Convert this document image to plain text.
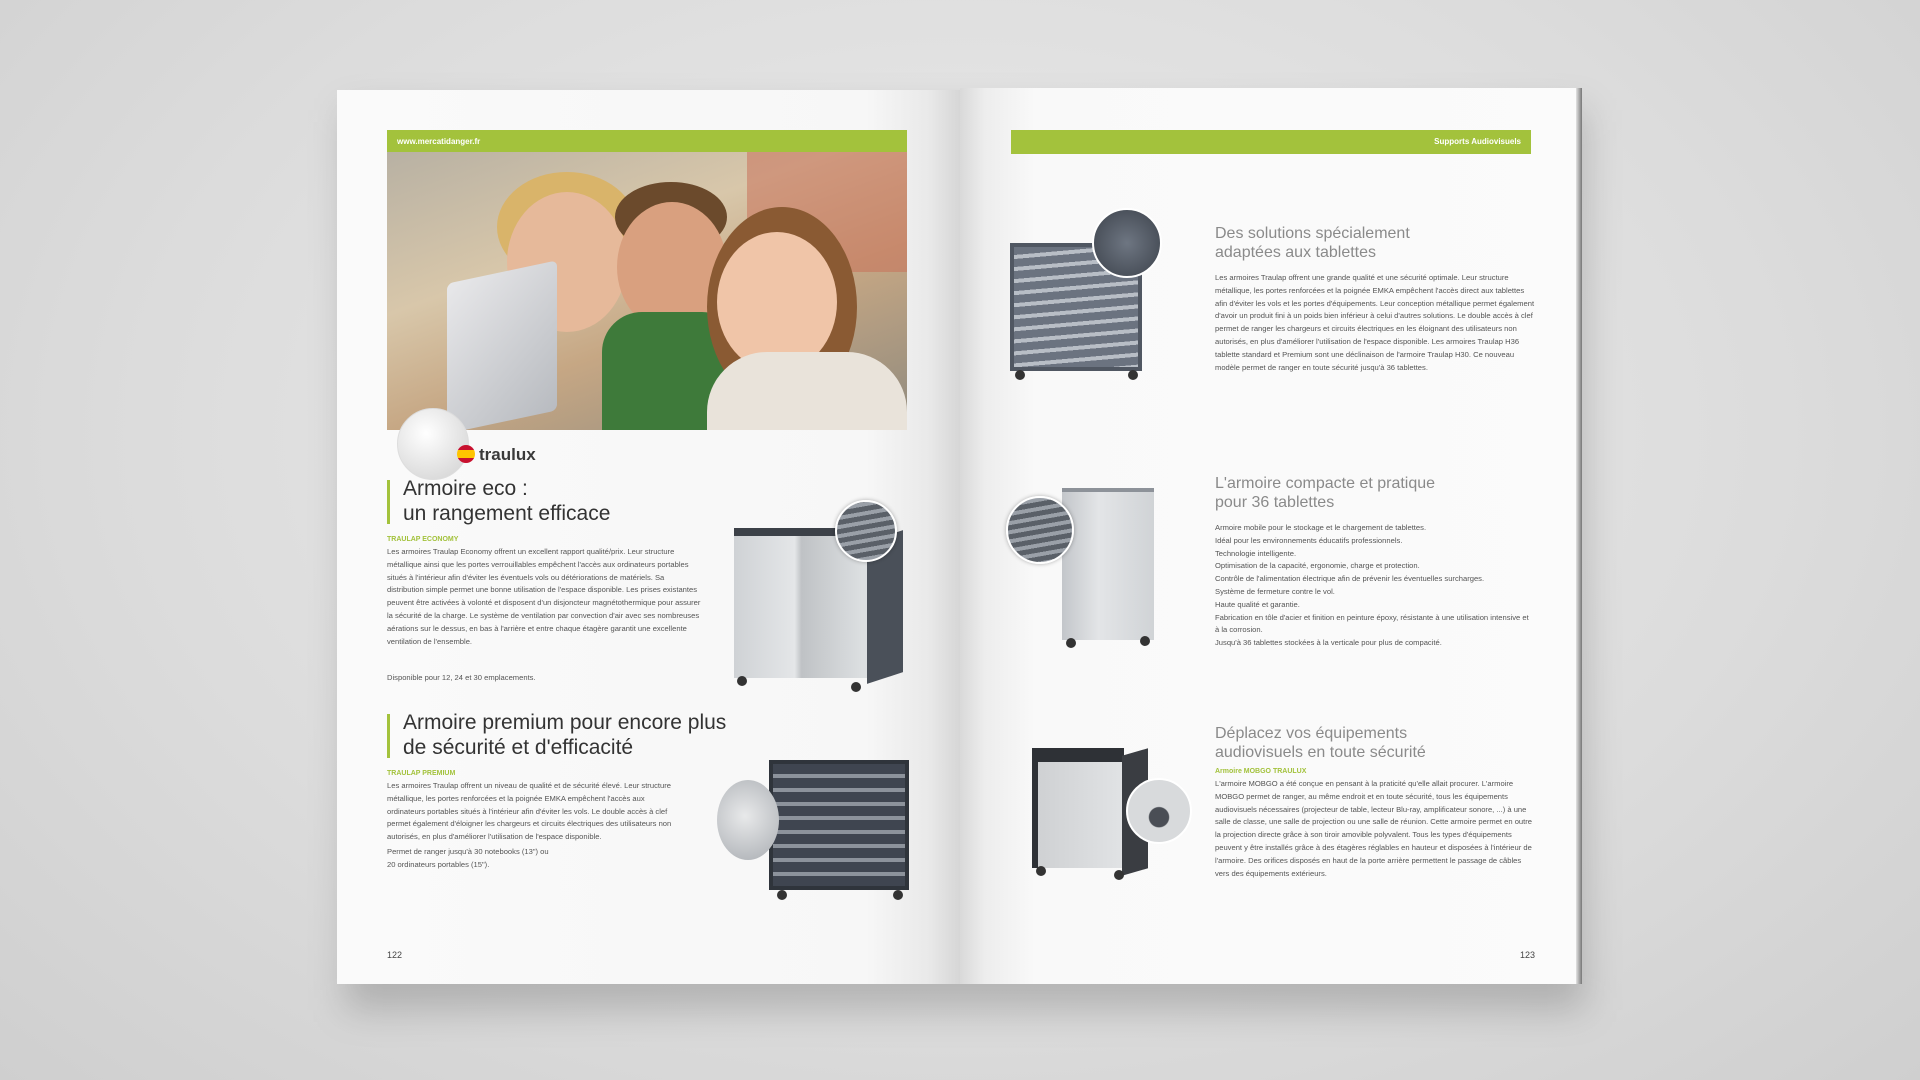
www.mercatidanger.fr
traulux
Armoire eco :
un rangement efficace
TRAULAP ECONOMY
Les armoires Traulap Economy offrent un excellent rapport qualité/prix. Leur structure métallique ainsi que les portes verrouillables empêchent l'accès aux ordinateurs portables situés à l'intérieur afin d'éviter les éventuels vols ou détériorations de matériels. Sa distribution simple permet une bonne utilisation de l'espace disponible. Les prises existantes peuvent être activées à volonté et disposent d'un disjoncteur magnétothermique pour assurer la sécurité de la charge. Le système de ventilation par convection d'air avec ses nombreuses aérations sur le dessus, en bas à l'arrière et entre chaque étagère garantit une excellente ventilation de l'ensemble.
Disponible pour 12, 24 et 30 emplacements.
Armoire premium pour encore plus
de sécurité et d'efficacité
TRAULAP PREMIUM
Les armoires Traulap offrent un niveau de qualité et de sécurité élevé. Leur structure métallique, les portes renforcées et la poignée EMKA empêchent l'accès aux ordinateurs portables situés à l'intérieur afin d'éviter les vols. Le double accès à clef permet également d'éloigner les chargeurs et circuits électriques des utilisateurs non autorisés, en plus d'améliorer l'utilisation de l'espace disponible.
Permet de ranger jusqu'à 30 notebooks (13") ou
20 ordinateurs portables (15").
122
Supports Audiovisuels
Des solutions spécialement
adaptées aux tablettes
Les armoires Traulap offrent une grande qualité et une sécurité optimale. Leur structure métallique, les portes renforcées et la poignée EMKA empêchent l'accès direct aux tablettes afin d'éviter les vols et les portes d'équipements. Leur conception métallique permet également d'avoir un produit fini à un poids bien inférieur à celui d'autres solutions. Le double accès à clef permet de ranger les chargeurs et circuits électriques en les éloignant des utilisateurs non autorisés, en plus d'améliorer l'utilisation de l'espace disponible. Les armoires Traulap H36 tablette standard et Premium sont une déclinaison de l'armoire Traulap H30. Ce nouveau modèle permet de ranger en toute sécurité jusqu'à 36 tablettes.
L'armoire compacte et pratique
pour 36 tablettes
Armoire mobile pour le stockage et le chargement de tablettes.
Idéal pour les environnements éducatifs professionnels.
Technologie intelligente.
Optimisation de la capacité, ergonomie, charge et protection.
Contrôle de l'alimentation électrique afin de prévenir les éventuelles surcharges.
Système de fermeture contre le vol.
Haute qualité et garantie.
Fabrication en tôle d'acier et finition en peinture époxy, résistante à une utilisation intensive et à la corrosion.
Jusqu'à 36 tablettes stockées à la verticale pour plus de compacité.
Déplacez vos équipements
audiovisuels en toute sécurité
Armoire MOBGO TRAULUX
L'armoire MOBGO a été conçue en pensant à la praticité qu'elle allait procurer. L'armoire MOBGO permet de ranger, au même endroit et en toute sécurité, tous les équipements audiovisuels nécessaires (projecteur de table, lecteur Blu-ray, amplificateur sonore, ...) à une salle de classe, une salle de projection ou une salle de réunion. Cette armoire permet en outre la projection directe grâce à son tiroir amovible polyvalent. Tous les types d'équipements peuvent y être installés grâce à des étagères réglables en hauteur et disposées à l'intérieur de l'armoire. Des orifices disposés en haut de la porte arrière permettent le passage de câbles vers des équipements extérieurs.
123
